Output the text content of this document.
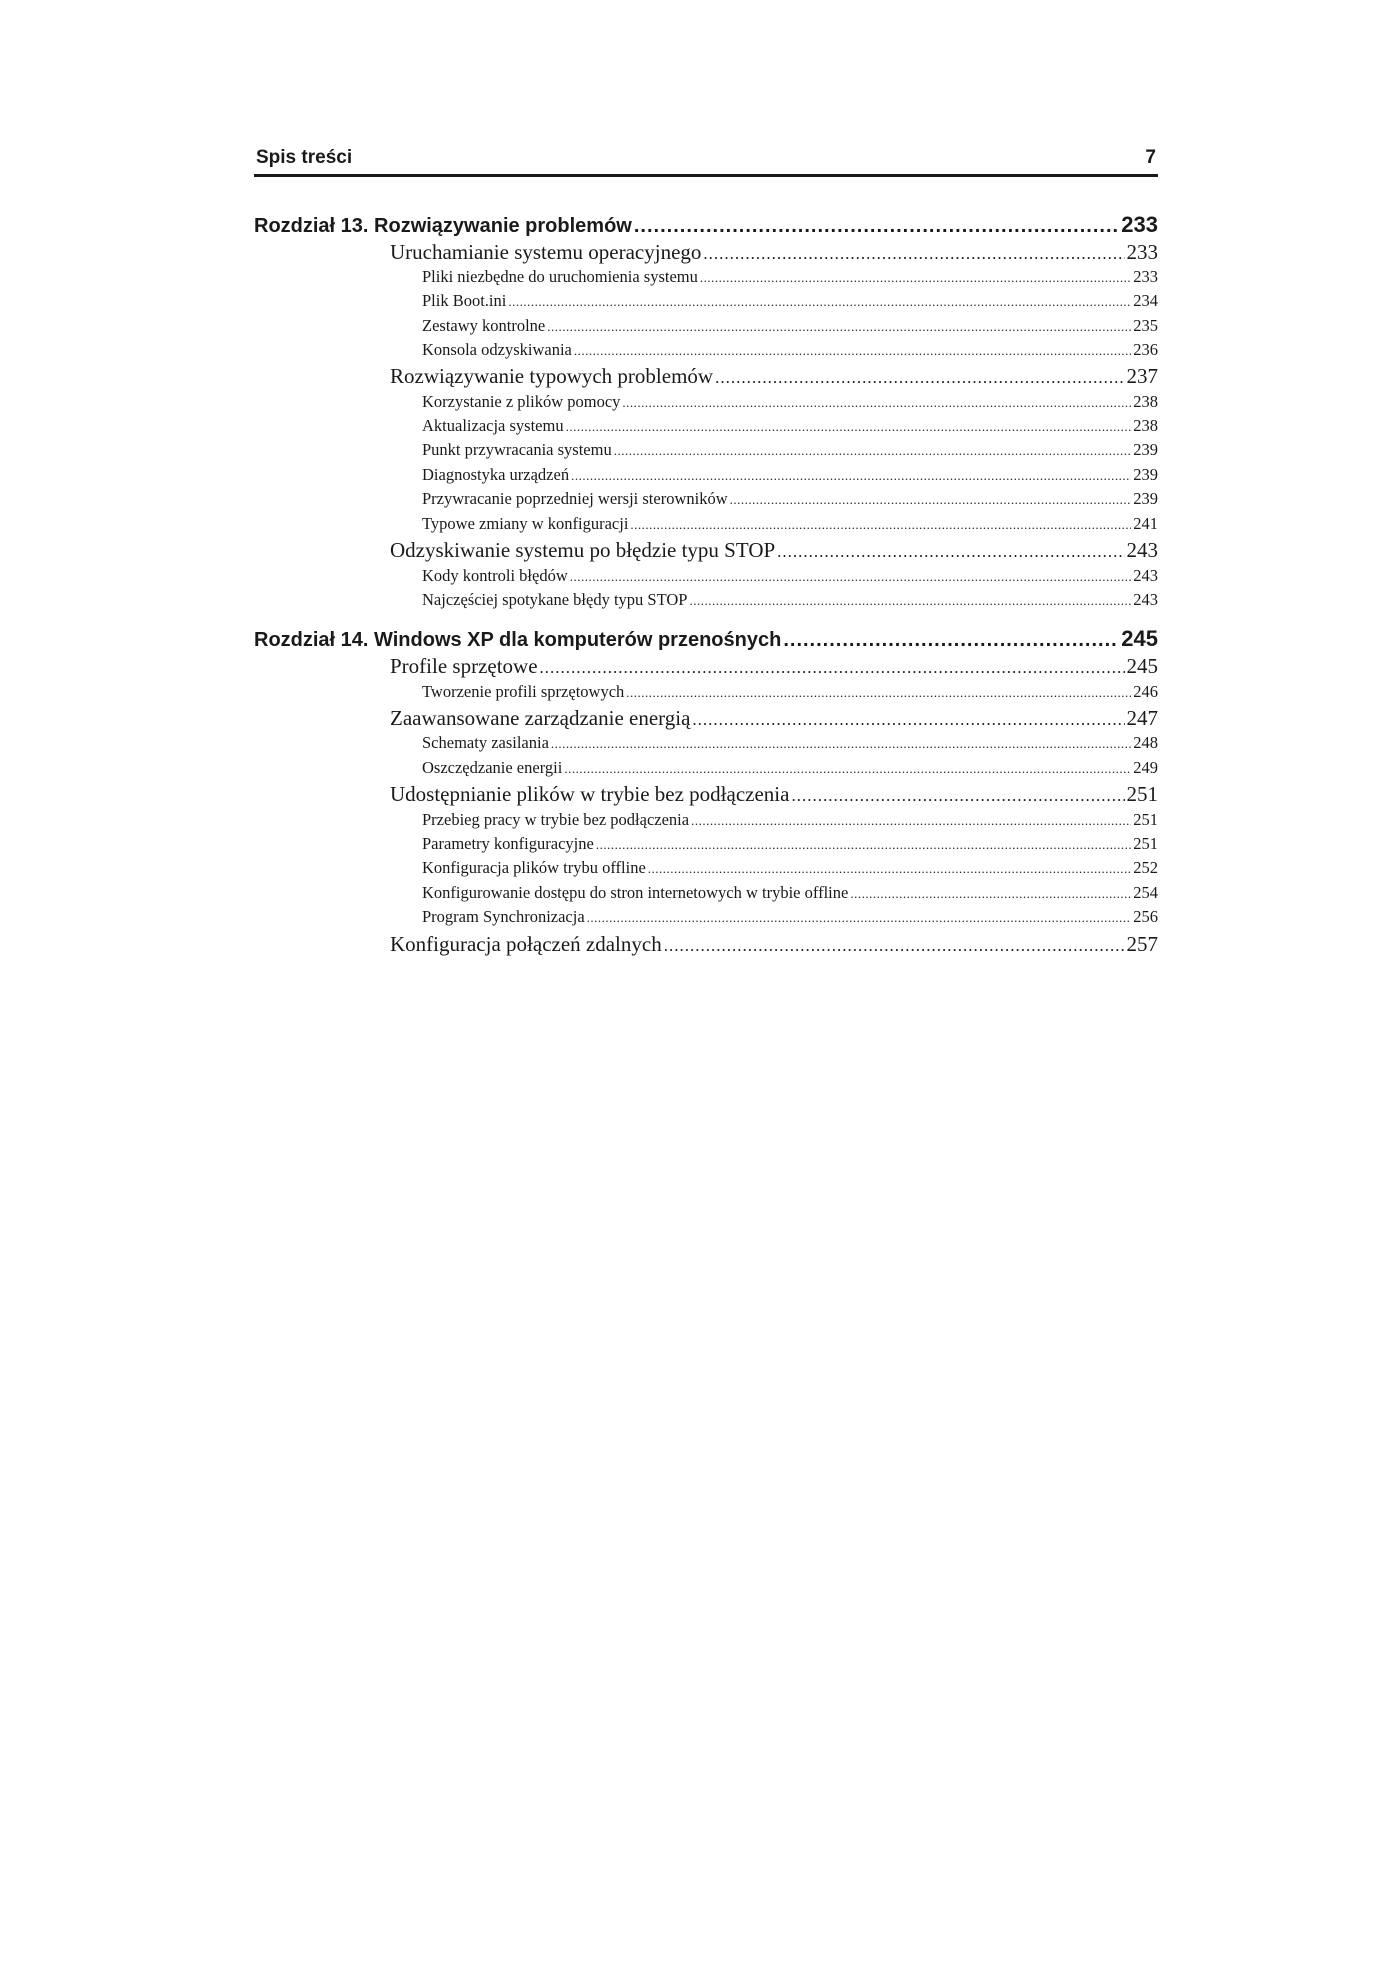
Spis treści	7
Rozdział 13. Rozwiązywanie problemów .....	233
Uruchamianie systemu operacyjnego .....	233
Pliki niezbędne do uruchomienia systemu .....	233
Plik Boot.ini .....	234
Zestawy kontrolne .....	235
Konsola odzyskiwania .....	236
Rozwiązywanie typowych problemów .....	237
Korzystanie z plików pomocy .....	238
Aktualizacja systemu .....	238
Punkt przywracania systemu .....	239
Diagnostyka urządzeń .....	239
Przywracanie poprzedniej wersji sterowników .....	239
Typowe zmiany w konfiguracji .....	241
Odzyskiwanie systemu po błędzie typu STOP .....	243
Kody kontroli błędów .....	243
Najczęściej spotykane błędy typu STOP .....	243
Rozdział 14. Windows XP dla komputerów przenośnych .....	245
Profile sprzętowe .....	245
Tworzenie profili sprzętowych .....	246
Zaawansowane zarządzanie energią .....	247
Schematy zasilania .....	248
Oszczędzanie energii .....	249
Udostępnianie plików w trybie bez podłączenia .....	251
Przebieg pracy w trybie bez podłączenia .....	251
Parametry konfiguracyjne .....	251
Konfiguracja plików trybu offline .....	252
Konfigurowanie dostępu do stron internetowych w trybie offline .....	254
Program Synchronizacja .....	256
Konfiguracja połączeń zdalnych .....	257
